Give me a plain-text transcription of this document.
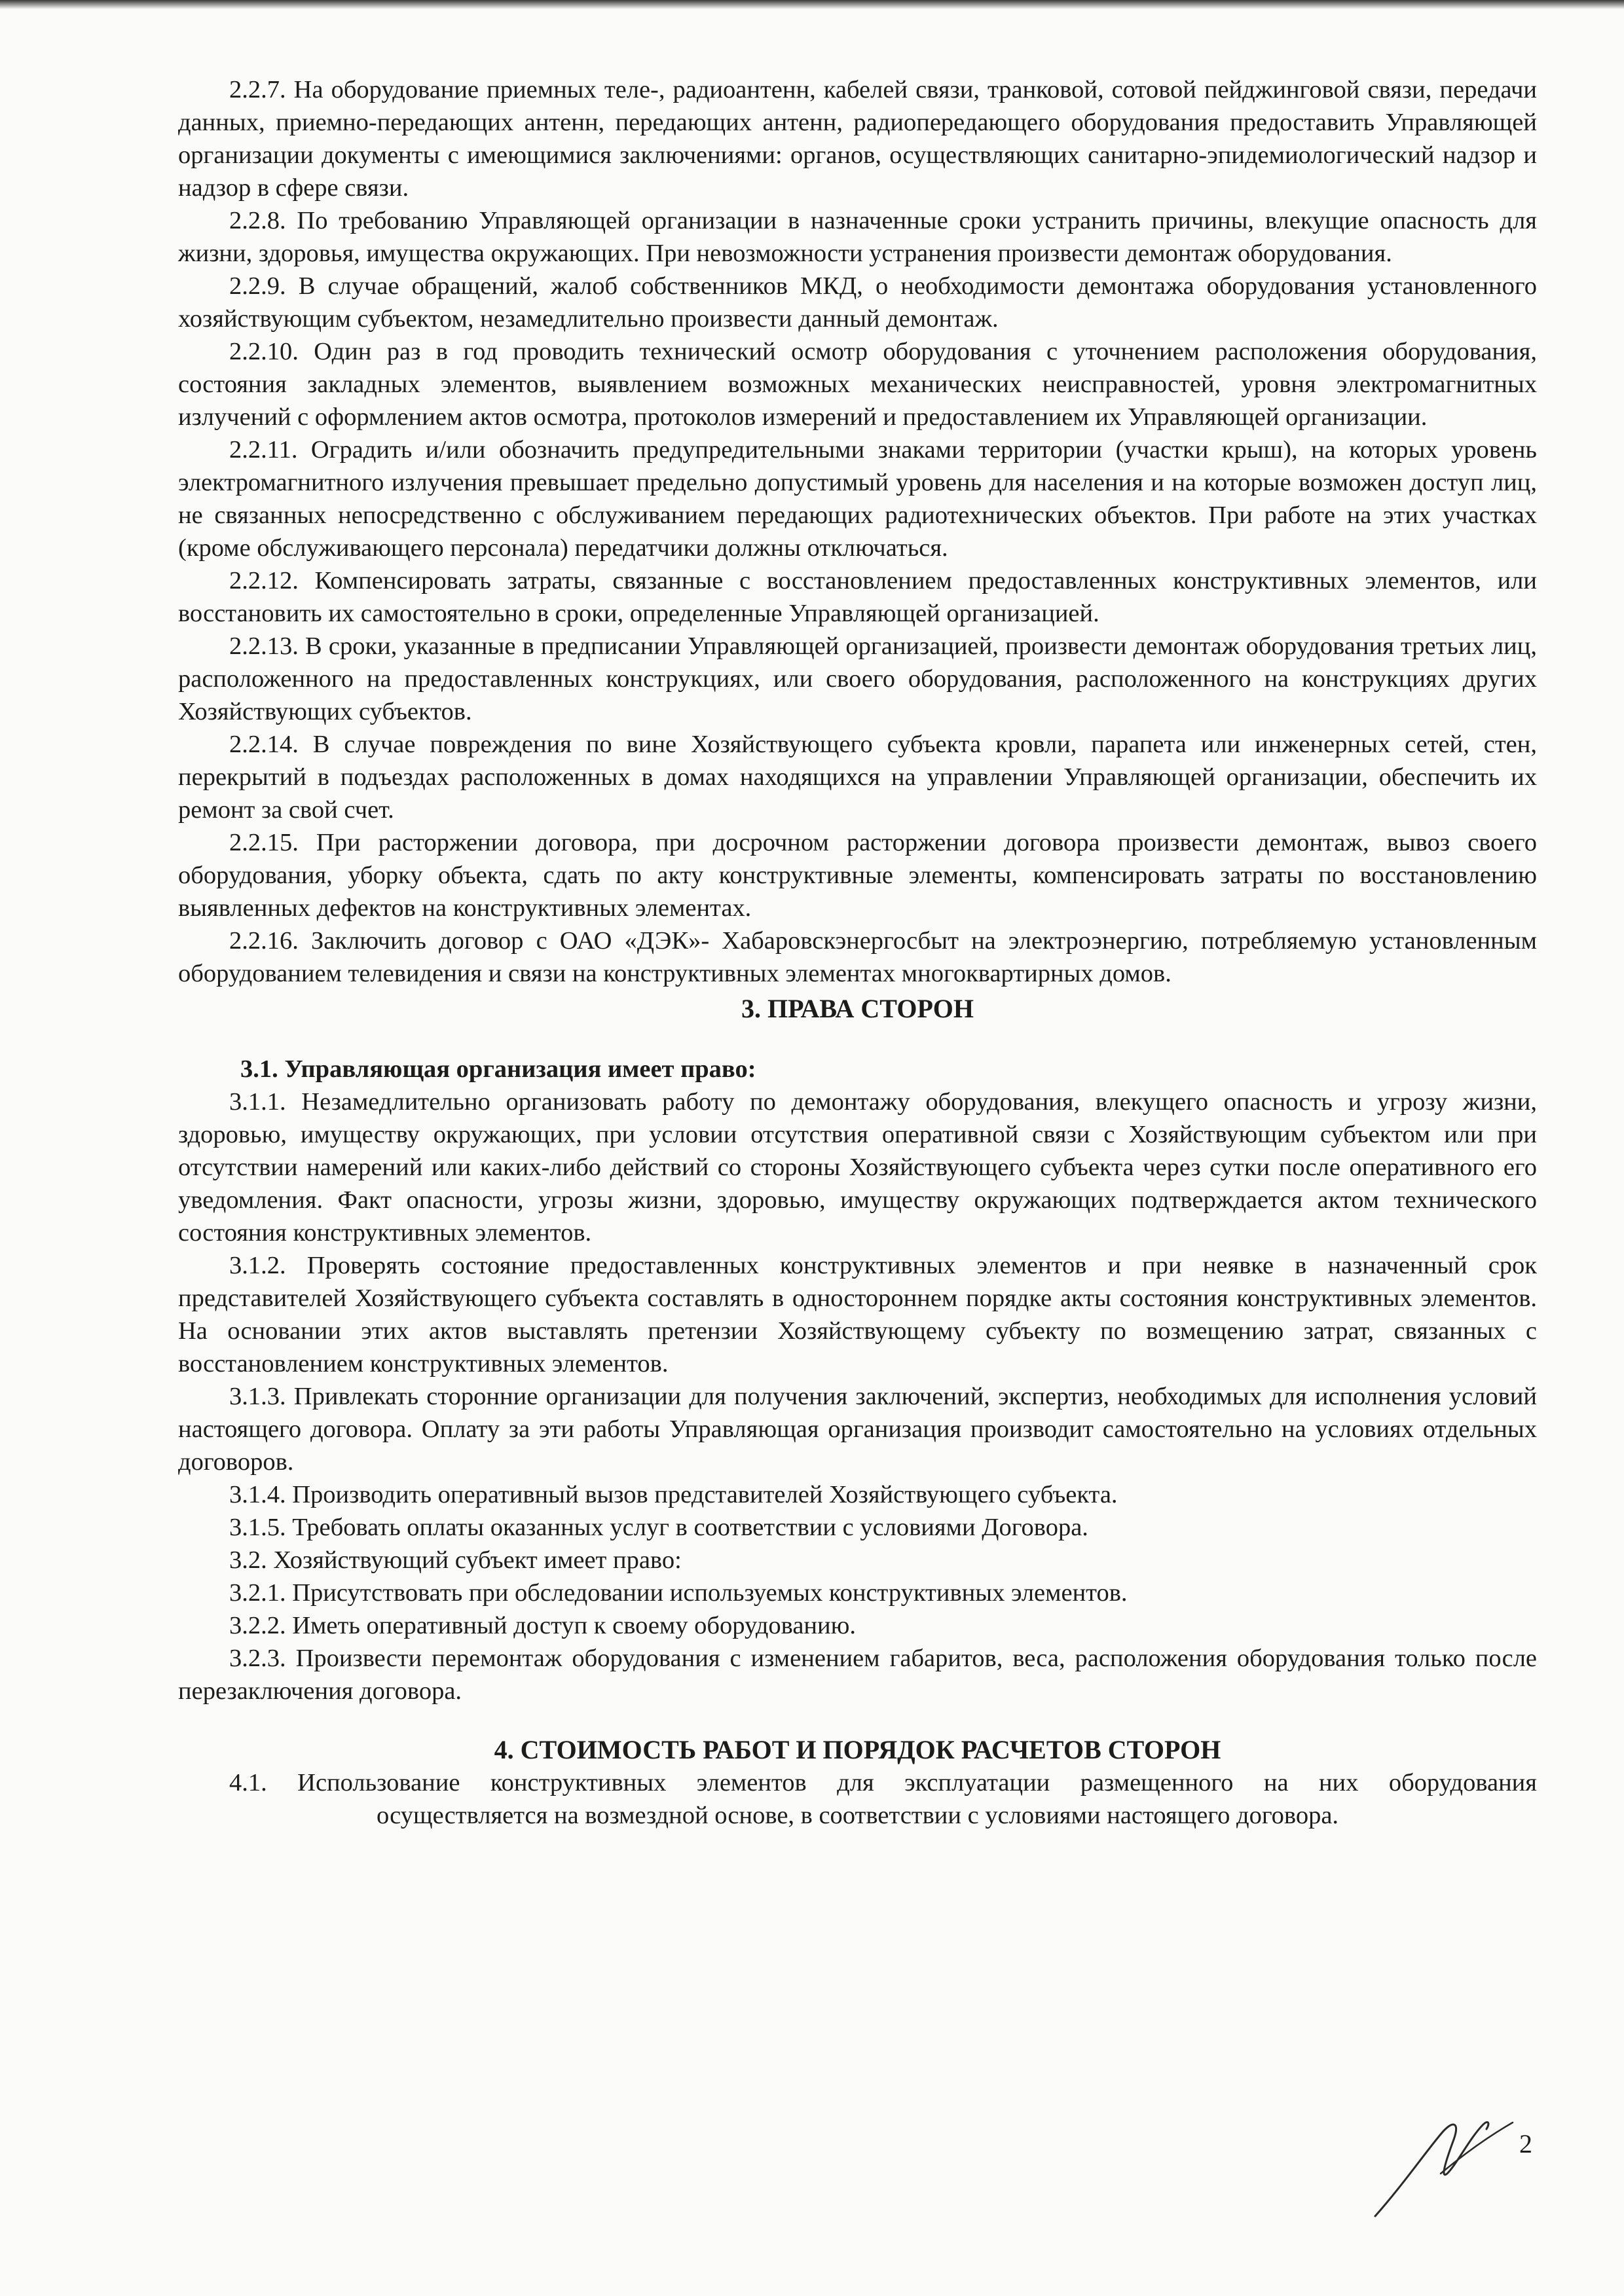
2.2.7. На оборудование приемных теле-, радиоантенн, кабелей связи, транковой, сотовой пейджинговой связи, передачи данных, приемно-передающих антенн, передающих антенн, радиопередающего оборудования предоставить Управляющей организации документы с имеющимися заключениями: органов, осуществляющих санитарно-эпидемиологический надзор и надзор в сфере связи.

2.2.8. По требованию Управляющей организации в назначенные сроки устранить причины, влекущие опасность для жизни, здоровья, имущества окружающих. При невозможности устранения произвести демонтаж оборудования.

2.2.9. В случае обращений, жалоб собственников МКД, о необходимости демонтажа оборудования установленного хозяйствующим субъектом, незамедлительно произвести данный демонтаж.

2.2.10. Один раз в год проводить технический осмотр оборудования с уточнением расположения оборудования, состояния закладных элементов, выявлением возможных механических неисправностей, уровня электромагнитных излучений с оформлением актов осмотра, протоколов измерений и предоставлением их Управляющей организации.

2.2.11. Оградить и/или обозначить предупредительными знаками территории (участки крыш), на которых уровень электромагнитного излучения превышает предельно допустимый уровень для населения и на которые возможен доступ лиц, не связанных непосредственно с обслуживанием передающих радиотехнических объектов. При работе на этих участках (кроме обслуживающего персонала) передатчики должны отключаться.

2.2.12. Компенсировать затраты, связанные с восстановлением предоставленных конструктивных элементов, или восстановить их самостоятельно в сроки, определенные Управляющей организацией.

2.2.13. В сроки, указанные в предписании Управляющей организацией, произвести демонтаж оборудования третьих лиц, расположенного на предоставленных конструкциях, или своего оборудования, расположенного на конструкциях других Хозяйствующих субъектов.

2.2.14. В случае повреждения по вине Хозяйствующего субъекта кровли, парапета или инженерных сетей, стен, перекрытий в подъездах расположенных в домах находящихся на управлении Управляющей организации, обеспечить их ремонт за свой счет.

2.2.15. При расторжении договора, при досрочном расторжении договора произвести демонтаж, вывоз своего оборудования, уборку объекта, сдать по акту конструктивные элементы, компенсировать затраты по восстановлению выявленных дефектов на конструктивных элементах.

2.2.16. Заключить договор с ОАО «ДЭК»- Хабаровскэнергосбыт на электроэнергию, потребляемую установленным оборудованием телевидения и связи на конструктивных элементах многоквартирных домов.

3. ПРАВА СТОРОН

3.1. Управляющая организация имеет право:

3.1.1. Незамедлительно организовать работу по демонтажу оборудования, влекущего опасность и угрозу жизни, здоровью, имуществу окружающих, при условии отсутствия оперативной связи с Хозяйствующим субъектом или при отсутствии намерений или каких-либо действий со стороны Хозяйствующего субъекта через сутки после оперативного его уведомления. Факт опасности, угрозы жизни, здоровью, имуществу окружающих подтверждается актом технического состояния конструктивных элементов.

3.1.2. Проверять состояние предоставленных конструктивных элементов и при неявке в назначенный срок представителей Хозяйствующего субъекта составлять в одностороннем порядке акты состояния конструктивных элементов. На основании этих актов выставлять претензии Хозяйствующему субъекту по возмещению затрат, связанных с восстановлением конструктивных элементов.

3.1.3. Привлекать сторонние организации для получения заключений, экспертиз, необходимых для исполнения условий настоящего договора. Оплату за эти работы Управляющая организация производит самостоятельно на условиях отдельных договоров.

3.1.4. Производить оперативный вызов представителей Хозяйствующего субъекта.

3.1.5. Требовать оплаты оказанных услуг в соответствии с условиями Договора.

3.2. Хозяйствующий субъект имеет право:

3.2.1. Присутствовать при обследовании используемых конструктивных элементов.

3.2.2. Иметь оперативный доступ к своему оборудованию.

3.2.3. Произвести перемонтаж оборудования с изменением габаритов, веса, расположения оборудования только после перезаключения договора.

4. СТОИМОСТЬ РАБОТ И ПОРЯДОК РАСЧЕТОВ СТОРОН

4.1. Использование конструктивных элементов для эксплуатации размещенного на них оборудования

осуществляется на возмездной основе, в соответствии с условиями настоящего договора.

2
